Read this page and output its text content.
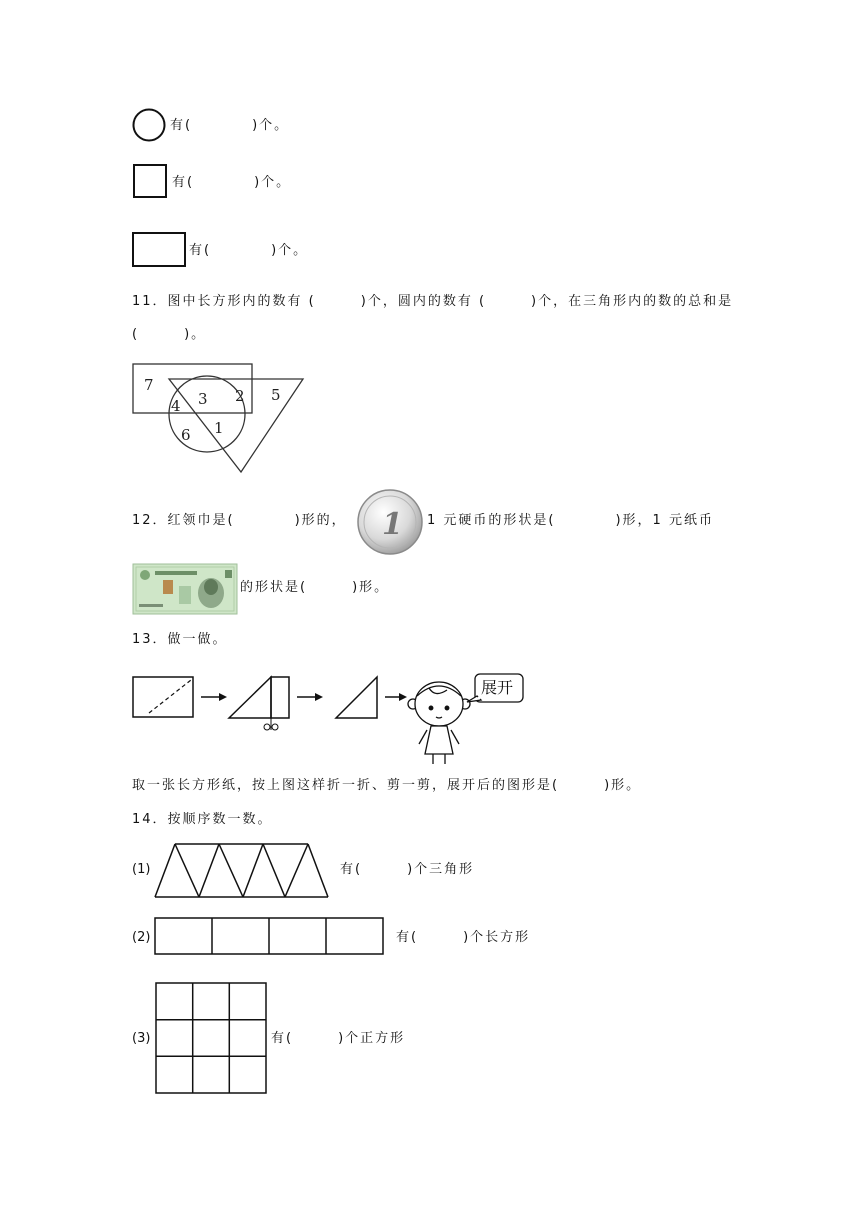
有(　　　　)个。
有(　　　　)个。
有(　　　　)个。
11．图中长方形内的数有 (　　　)个，圆内的数有 (　　　)个，在三角形内的数的总和是
(　　　)。
7
4 3 2 5
6 1
12．红领巾是(　　　　)形的， 1 1 元硬币的形状是(　　　　)形，1 元纸币
的形状是(　　　)形。
13．做一做。
展开
取一张长方形纸，按上图这样折一折、剪一剪，展开后的图形是(　　　)形。
14．按顺序数一数。
(1)	有(　　　)个三角形
(2)	有(　　　)个长方形
(3)	有(　　　)个正方形
